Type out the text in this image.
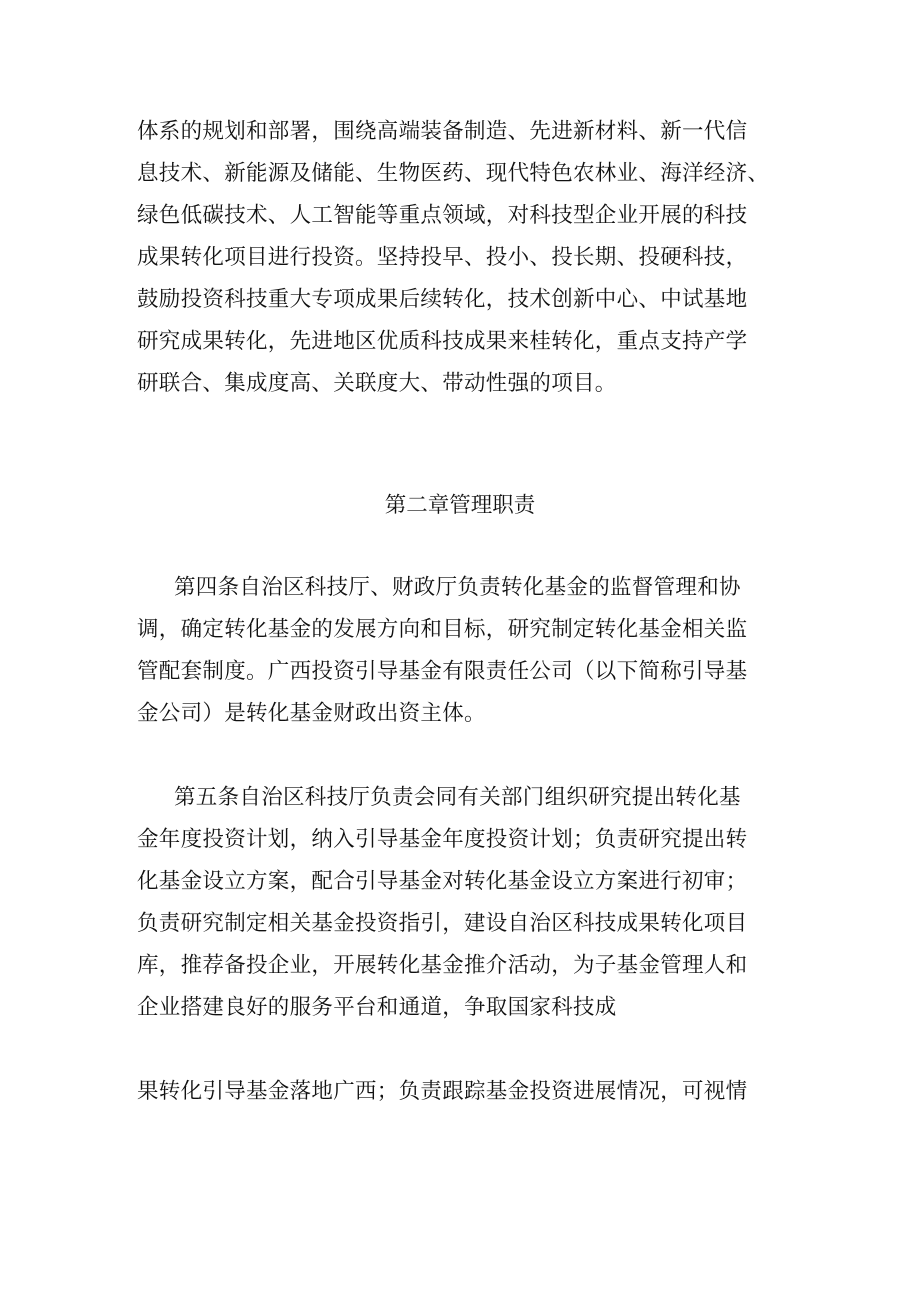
体系的规划和部署，围绕高端装备制造、先进新材料、新一代信
息技术、新能源及储能、生物医药、现代特色农林业、海洋经济、
绿色低碳技术、人工智能等重点领域，对科技型企业开展的科技
成果转化项目进行投资。坚持投早、投小、投长期、投硬科技，
鼓励投资科技重大专项成果后续转化，技术创新中心、中试基地
研究成果转化，先进地区优质科技成果来桂转化，重点支持产学
研联合、集成度高、关联度大、带动性强的项目。
第二章管理职责
第四条自治区科技厅、财政厅负责转化基金的监督管理和协
调，确定转化基金的发展方向和目标，研究制定转化基金相关监
管配套制度。广西投资引导基金有限责任公司（以下简称引导基
金公司）是转化基金财政出资主体。
第五条自治区科技厅负责会同有关部门组织研究提出转化基
金年度投资计划，纳入引导基金年度投资计划；负责研究提出转
化基金设立方案，配合引导基金对转化基金设立方案进行初审；
负责研究制定相关基金投资指引，建设自治区科技成果转化项目
库，推荐备投企业，开展转化基金推介活动，为子基金管理人和
企业搭建良好的服务平台和通道，争取国家科技成
果转化引导基金落地广西；负责跟踪基金投资进展情况，可视情
